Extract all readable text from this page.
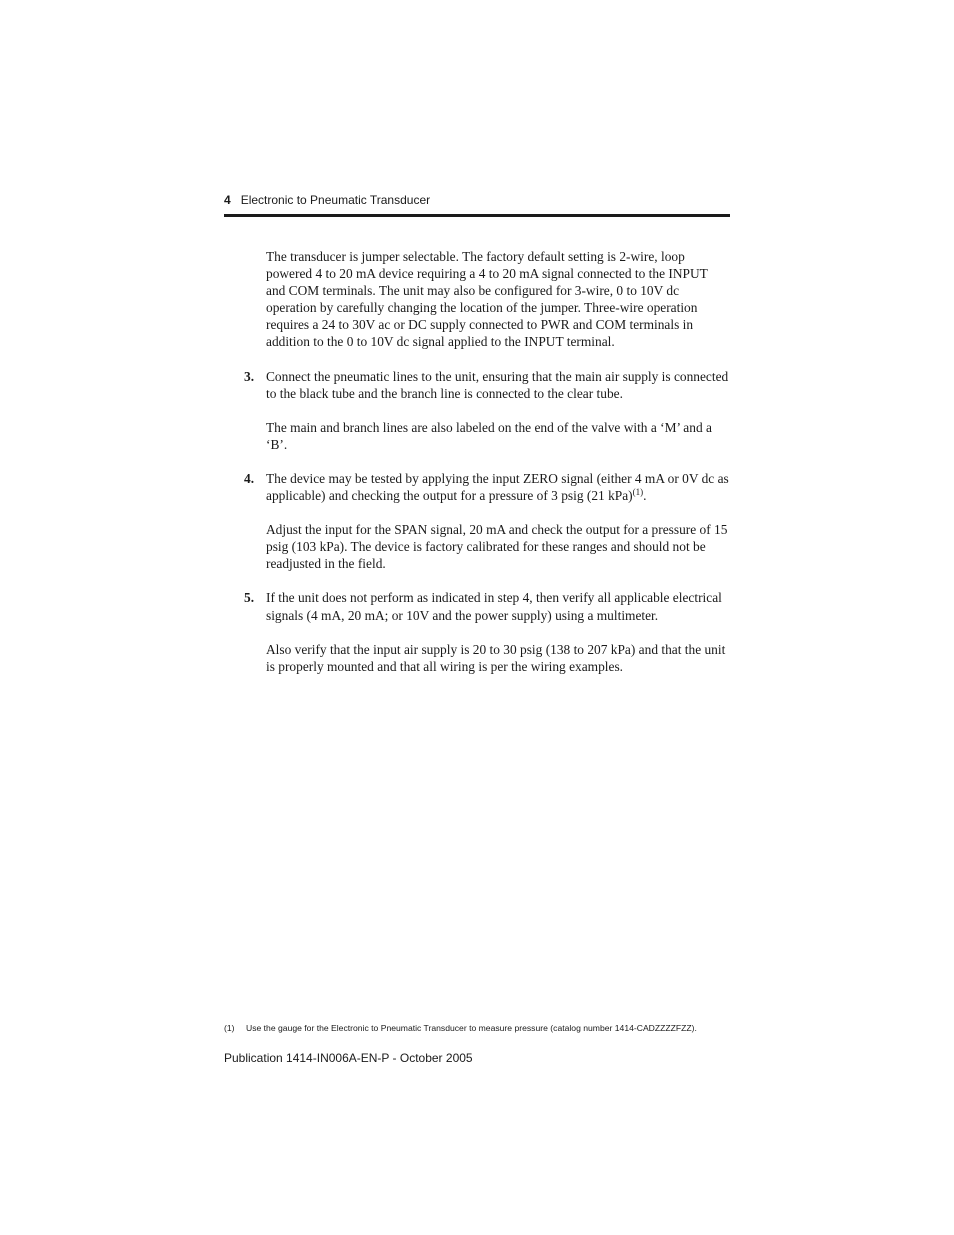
4 Electronic to Pneumatic Transducer

The transducer is jumper selectable. The factory default setting is 2-wire, loop powered 4 to 20 mA device requiring a 4 to 20 mA signal connected to the INPUT and COM terminals. The unit may also be configured for 3-wire, 0 to 10V dc operation by carefully changing the location of the jumper. Three-wire operation requires a 24 to 30V ac or DC supply connected to PWR and COM terminals in addition to the 0 to 10V dc signal applied to the INPUT terminal.

3. Connect the pneumatic lines to the unit, ensuring that the main air supply is connected to the black tube and the branch line is connected to the clear tube.

The main and branch lines are also labeled on the end of the valve with a ‘M’ and a ‘B’.

4. The device may be tested by applying the input ZERO signal (either 4 mA or 0V dc as applicable) and checking the output for a pressure of 3 psig (21 kPa)$^{(1)}$.

Adjust the input for the SPAN signal, 20 mA and check the output for a pressure of 15 psig (103 kPa). The device is factory calibrated for these ranges and should not be readjusted in the field.

5. If the unit does not perform as indicated in step 4, then verify all applicable electrical signals (4 mA, 20 mA; or 10V and the power supply) using a multimeter.

Also verify that the input air supply is 20 to 30 psig (138 to 207 kPa) and that the unit is properly mounted and that all wiring is per the wiring examples.

(1) Use the gauge for the Electronic to Pneumatic Transducer to measure pressure (catalog number 1414-CADZZZZFZZ).
Publication 1414-IN006A-EN-P - October 2005
